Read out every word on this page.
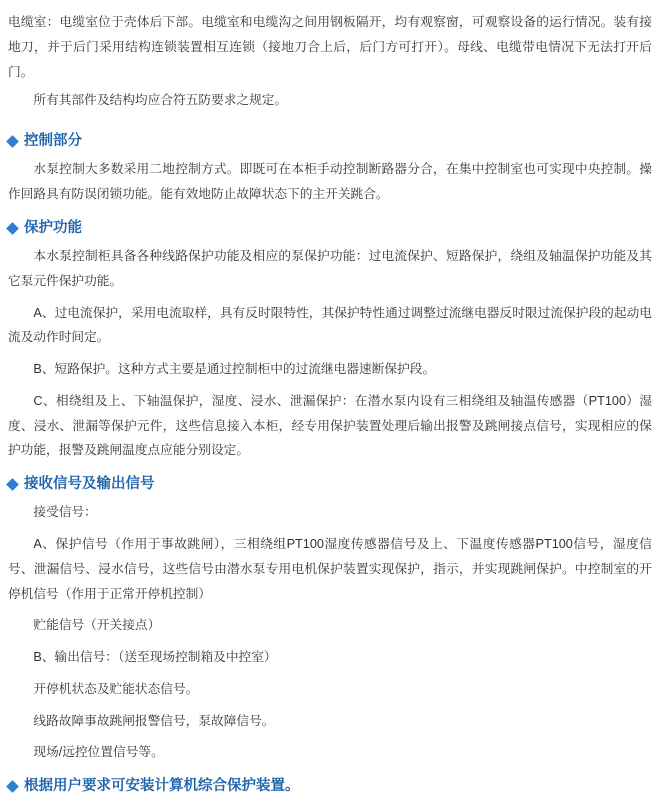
电缆室：电缆室位于壳体后下部。电缆室和电缆沟之间用钢板隔开，均有观察窗，可观察设备的运行情况。装有接地刀，并于后门采用结构连锁装置相互连锁（接地刀合上后，后门方可打开）。母线、电缆带电情况下无法打开后门。

所有其部件及结构均应合符五防要求之规定。

控制部分

水泵控制大多数采用二地控制方式。即既可在本柜手动控制断路器分合，在集中控制室也可实现中央控制。操作回路具有防误闭锁功能。能有效地防止故障状态下的主开关跳合。

保护功能

本水泵控制柜具备各种线路保护功能及相应的泵保护功能：过电流保护、短路保护，绕组及轴温保护功能及其它泵元件保护功能。

A、过电流保护，采用电流取样，具有反时限特性，其保护特性通过调整过流继电器反时限过流保护段的起动电流及动作时间定。

B、短路保护。这种方式主要是通过控制柜中的过流继电器速断保护段。

C、相绕组及上、下轴温保护，湿度、浸水、泄漏保护：在潜水泵内设有三相绕组及轴温传感器（PT100）湿度、浸水、泄漏等保护元件，这些信息接入本柜，经专用保护装置处理后输出报警及跳闸接点信号，实现相应的保护功能，报警及跳闸温度点应能分别设定。

接收信号及输出信号

接受信号：

A、保护信号（作用于事故跳闸），三相绕组PT100湿度传感器信号及上、下温度传感器PT100信号，湿度信号、泄漏信号、浸水信号，这些信号由潜水泵专用电机保护装置实现保护，指示，并实现跳闸保护。中控制室的开停机信号（作用于正常开停机控制）

贮能信号（开关接点）

B、输出信号：（送至现场控制箱及中控室）

开停机状态及贮能状态信号。

线路故障事故跳闸报警信号，泵故障信号。

现场/远控位置信号等。

根据用户要求可安装计算机综合保护装置。
